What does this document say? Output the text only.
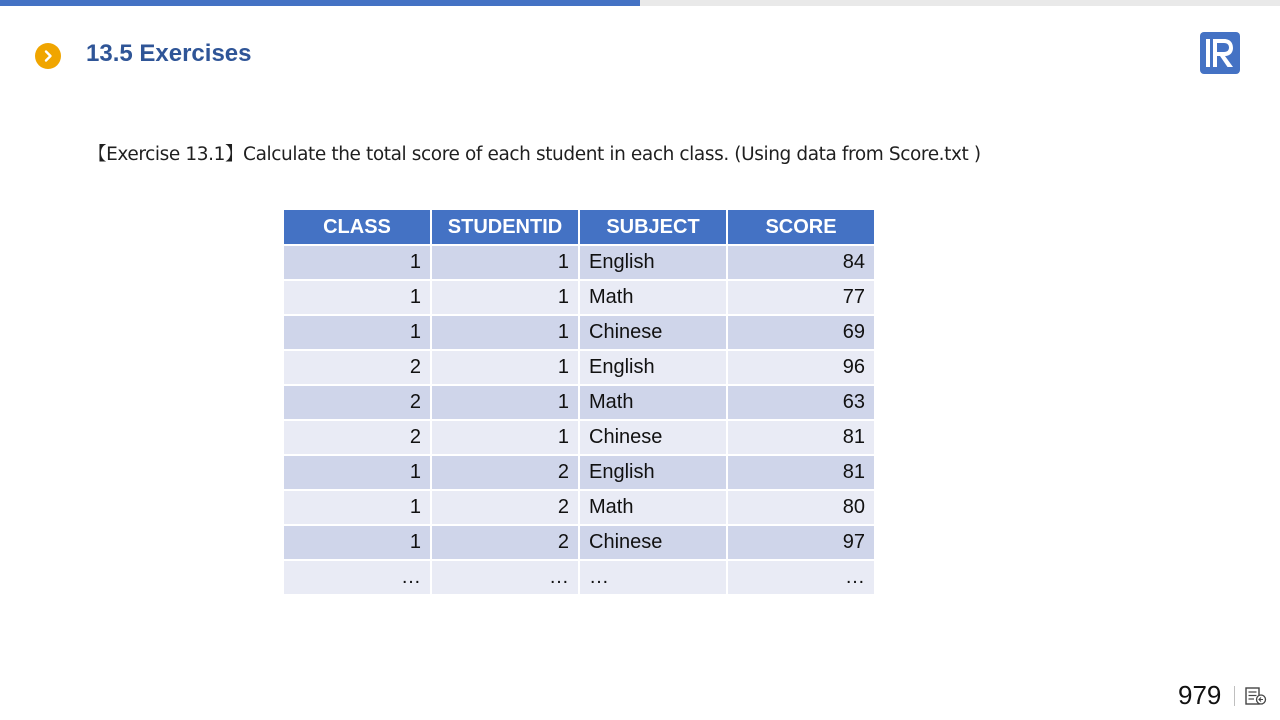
13.5 Exercises
【Exercise 13.1】Calculate the total score of each student in each class. (Using data from Score.txt )
CLASS	STUDENTID	SUBJECT	SCORE
1	1	English	84
1	1	Math	77
1	1	Chinese	69
2	1	English	96
2	1	Math	63
2	1	Chinese	81
1	2	English	81
1	2	Math	80
1	2	Chinese	97
…	…	…	…
979
